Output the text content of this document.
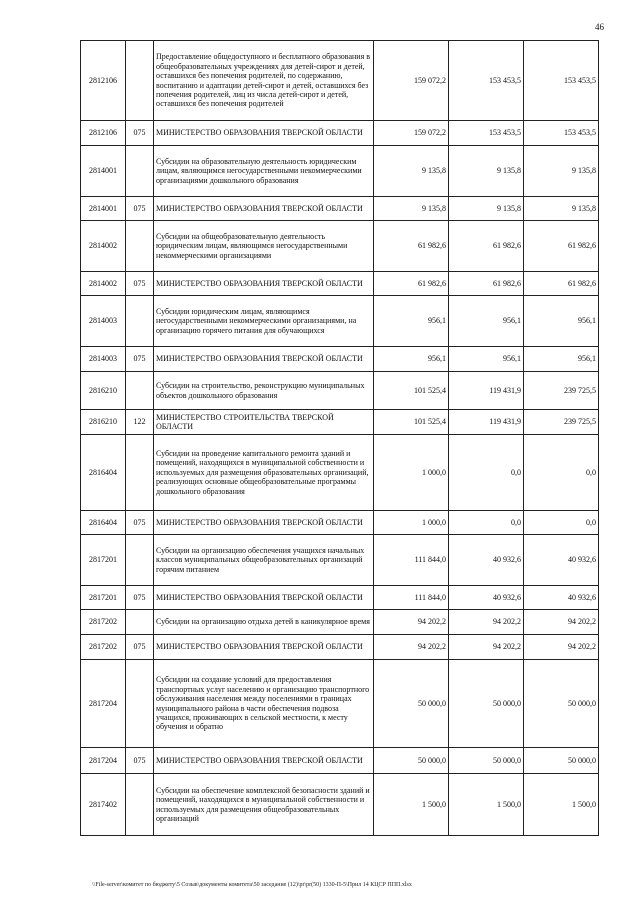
46
2812106		Предоставление общедоступного и бесплатного образования в общеобразовательных учреждениях для детей-сирот и детей, оставшихся без попечения родителей, по содержанию, воспитанию и адаптации детей-сирот и детей, оставшихся без попечения родителей, лиц из числа детей-сирот и детей, оставшихся без попечения родителей	159 072,2	153 453,5	153 453,5
2812106	075	МИНИСТЕРСТВО ОБРАЗОВАНИЯ ТВЕРСКОЙ ОБЛАСТИ	159 072,2	153 453,5	153 453,5
2814001		Субсидии на образовательную деятельность юридическим лицам, являющимся негосударственными некоммерческими организациями дошкольного образования	9 135,8	9 135,8	9 135,8
2814001	075	МИНИСТЕРСТВО ОБРАЗОВАНИЯ ТВЕРСКОЙ ОБЛАСТИ	9 135,8	9 135,8	9 135,8
2814002		Субсидии на общеобразовательную деятельность юридическим лицам, являющимся негосударственными некоммерческими организациями	61 982,6	61 982,6	61 982,6
2814002	075	МИНИСТЕРСТВО ОБРАЗОВАНИЯ ТВЕРСКОЙ ОБЛАСТИ	61 982,6	61 982,6	61 982,6
2814003		Субсидии юридическим лицам, являющимся негосударственными некоммерческими организациями, на организацию горячего питания для обучающихся	956,1	956,1	956,1
2814003	075	МИНИСТЕРСТВО ОБРАЗОВАНИЯ ТВЕРСКОЙ ОБЛАСТИ	956,1	956,1	956,1
2816210		Субсидии на строительство, реконструкцию муниципальных объектов дошкольного образования	101 525,4	119 431,9	239 725,5
2816210	122	МИНИСТЕРСТВО СТРОИТЕЛЬСТВА ТВЕРСКОЙ ОБЛАСТИ	101 525,4	119 431,9	239 725,5
2816404		Субсидии на проведение капитального ремонта зданий и помещений, находящихся в муниципальной собственности и используемых для размещения образовательных организаций, реализующих основные общеобразовательные программы дошкольного образования	1 000,0	0,0	0,0
2816404	075	МИНИСТЕРСТВО ОБРАЗОВАНИЯ ТВЕРСКОЙ ОБЛАСТИ	1 000,0	0,0	0,0
2817201		Субсидии на организацию обеспечения учащихся начальных классов муниципальных общеобразовательных организаций горячим питанием	111 844,0	40 932,6	40 932,6
2817201	075	МИНИСТЕРСТВО ОБРАЗОВАНИЯ ТВЕРСКОЙ ОБЛАСТИ	111 844,0	40 932,6	40 932,6
2817202		Субсидии на организацию отдыха детей в каникулярное время	94 202,2	94 202,2	94 202,2
2817202	075	МИНИСТЕРСТВО ОБРАЗОВАНИЯ ТВЕРСКОЙ ОБЛАСТИ	94 202,2	94 202,2	94 202,2
2817204		Субсидии на создание условий для предоставления транспортных услуг населению и организацию транспортного обслуживания населения между поселениями в границах муниципального района в части обеспечения подвоза учащихся, проживающих в сельской местности, к месту обучения и обратно	50 000,0	50 000,0	50 000,0
2817204	075	МИНИСТЕРСТВО ОБРАЗОВАНИЯ ТВЕРСКОЙ ОБЛАСТИ	50 000,0	50 000,0	50 000,0
2817402		Субсидии на обеспечение комплексной безопасности зданий и помещений, находящихся в муниципальной собственности и используемых для размещения общеобразовательных организаций	1 500,0	1 500,0	1 500,0
\\File-server\комитет по бюджету\5 Созыв\документы комитета\50 заседание (12)\pr\pr(50) 1330-П-5\Прил 14 КЦСР ППП.xlsx
